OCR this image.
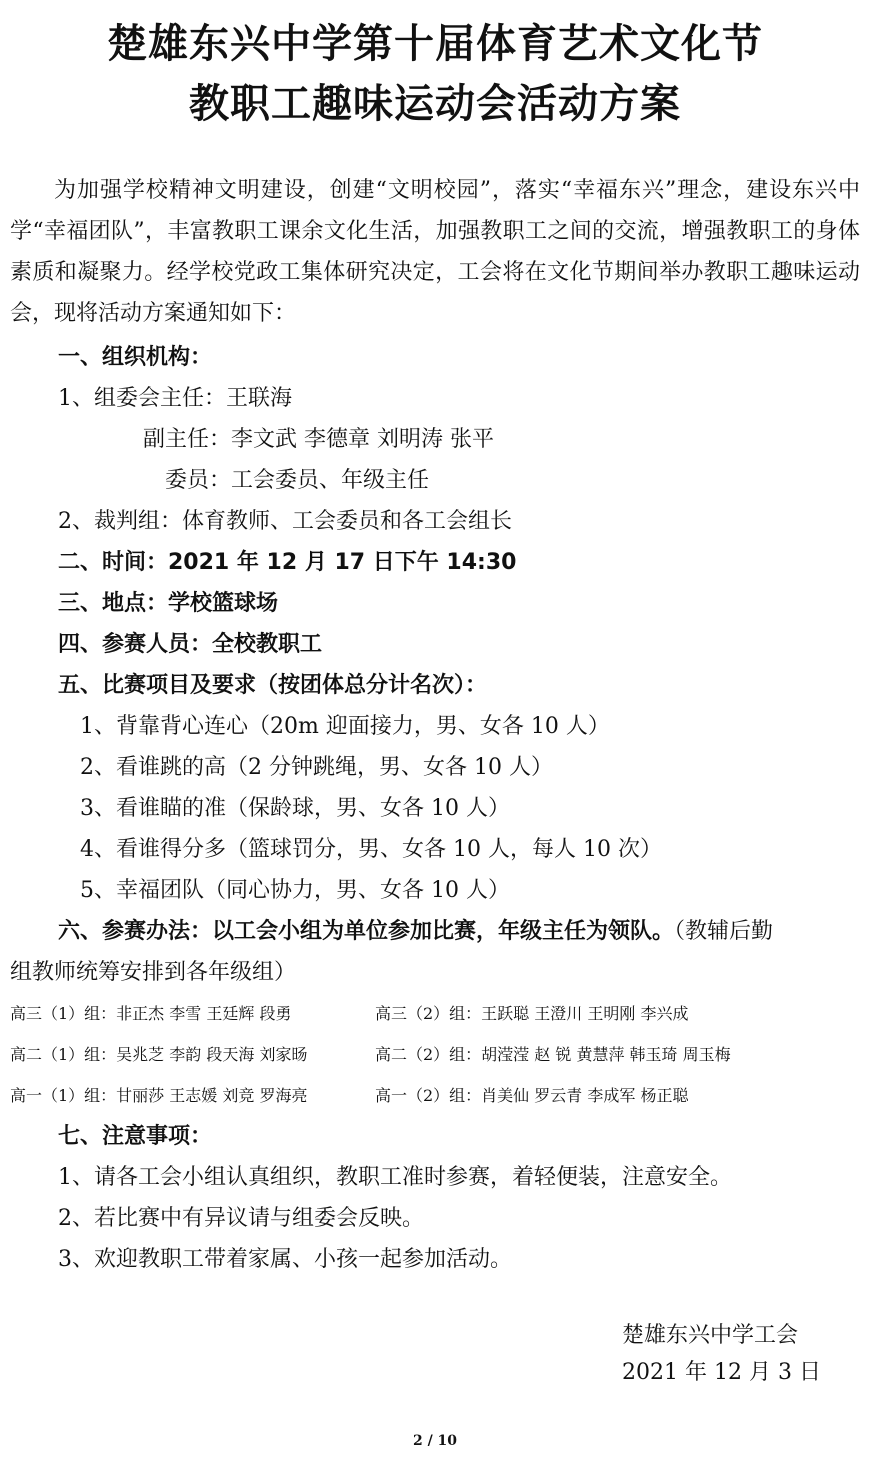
楚雄东兴中学第十届体育艺术文化节
教职工趣味运动会活动方案

为加强学校精神文明建设，创建“文明校园”，落实“幸福东兴”理念，建设东兴中学“幸福团队”，丰富教职工课余文化生活，加强教职工之间的交流，增强教职工的身体素质和凝聚力。经学校党政工集体研究决定，工会将在文化节期间举办教职工趣味运动会，现将活动方案通知如下：

一、组织机构：
1、组委会主任：王联海
副主任：李文武 李德章 刘明涛 张平
委员：工会委员、年级主任
2、裁判组：体育教师、工会委员和各工会组长
二、时间：2021 年 12 月 17 日下午 14:30
三、地点：学校篮球场
四、参赛人员：全校教职工
五、比赛项目及要求（按团体总分计名次）：
1、背靠背心连心（20m 迎面接力，男、女各 10 人）
2、看谁跳的高（2 分钟跳绳，男、女各 10 人）
3、看谁瞄的准（保龄球，男、女各 10 人）
4、看谁得分多（篮球罚分，男、女各 10 人，每人 10 次）
5、幸福团队（同心协力，男、女各 10 人）
六、参赛办法：以工会小组为单位参加比赛，年级主任为领队。（教辅后勤
组教师统筹安排到各年级组）
高三（1）组：非正杰 李雪 王廷辉 段勇	高三（2）组：王跃聪 王澄川 王明刚 李兴成
高二（1）组：吴兆芝 李韵 段天海 刘家旸	高二（2）组：胡滢滢 赵 锐 黄慧萍 韩玉琦 周玉梅
高一（1）组：甘丽莎 王志媛 刘竞 罗海亮	高一（2）组：肖美仙 罗云青 李成军 杨正聪
七、注意事项：
1、请各工会小组认真组织，教职工准时参赛，着轻便装，注意安全。
2、若比赛中有异议请与组委会反映。
3、欢迎教职工带着家属、小孩一起参加活动。
楚雄东兴中学工会
2021 年 12 月 3 日
2 / 10
